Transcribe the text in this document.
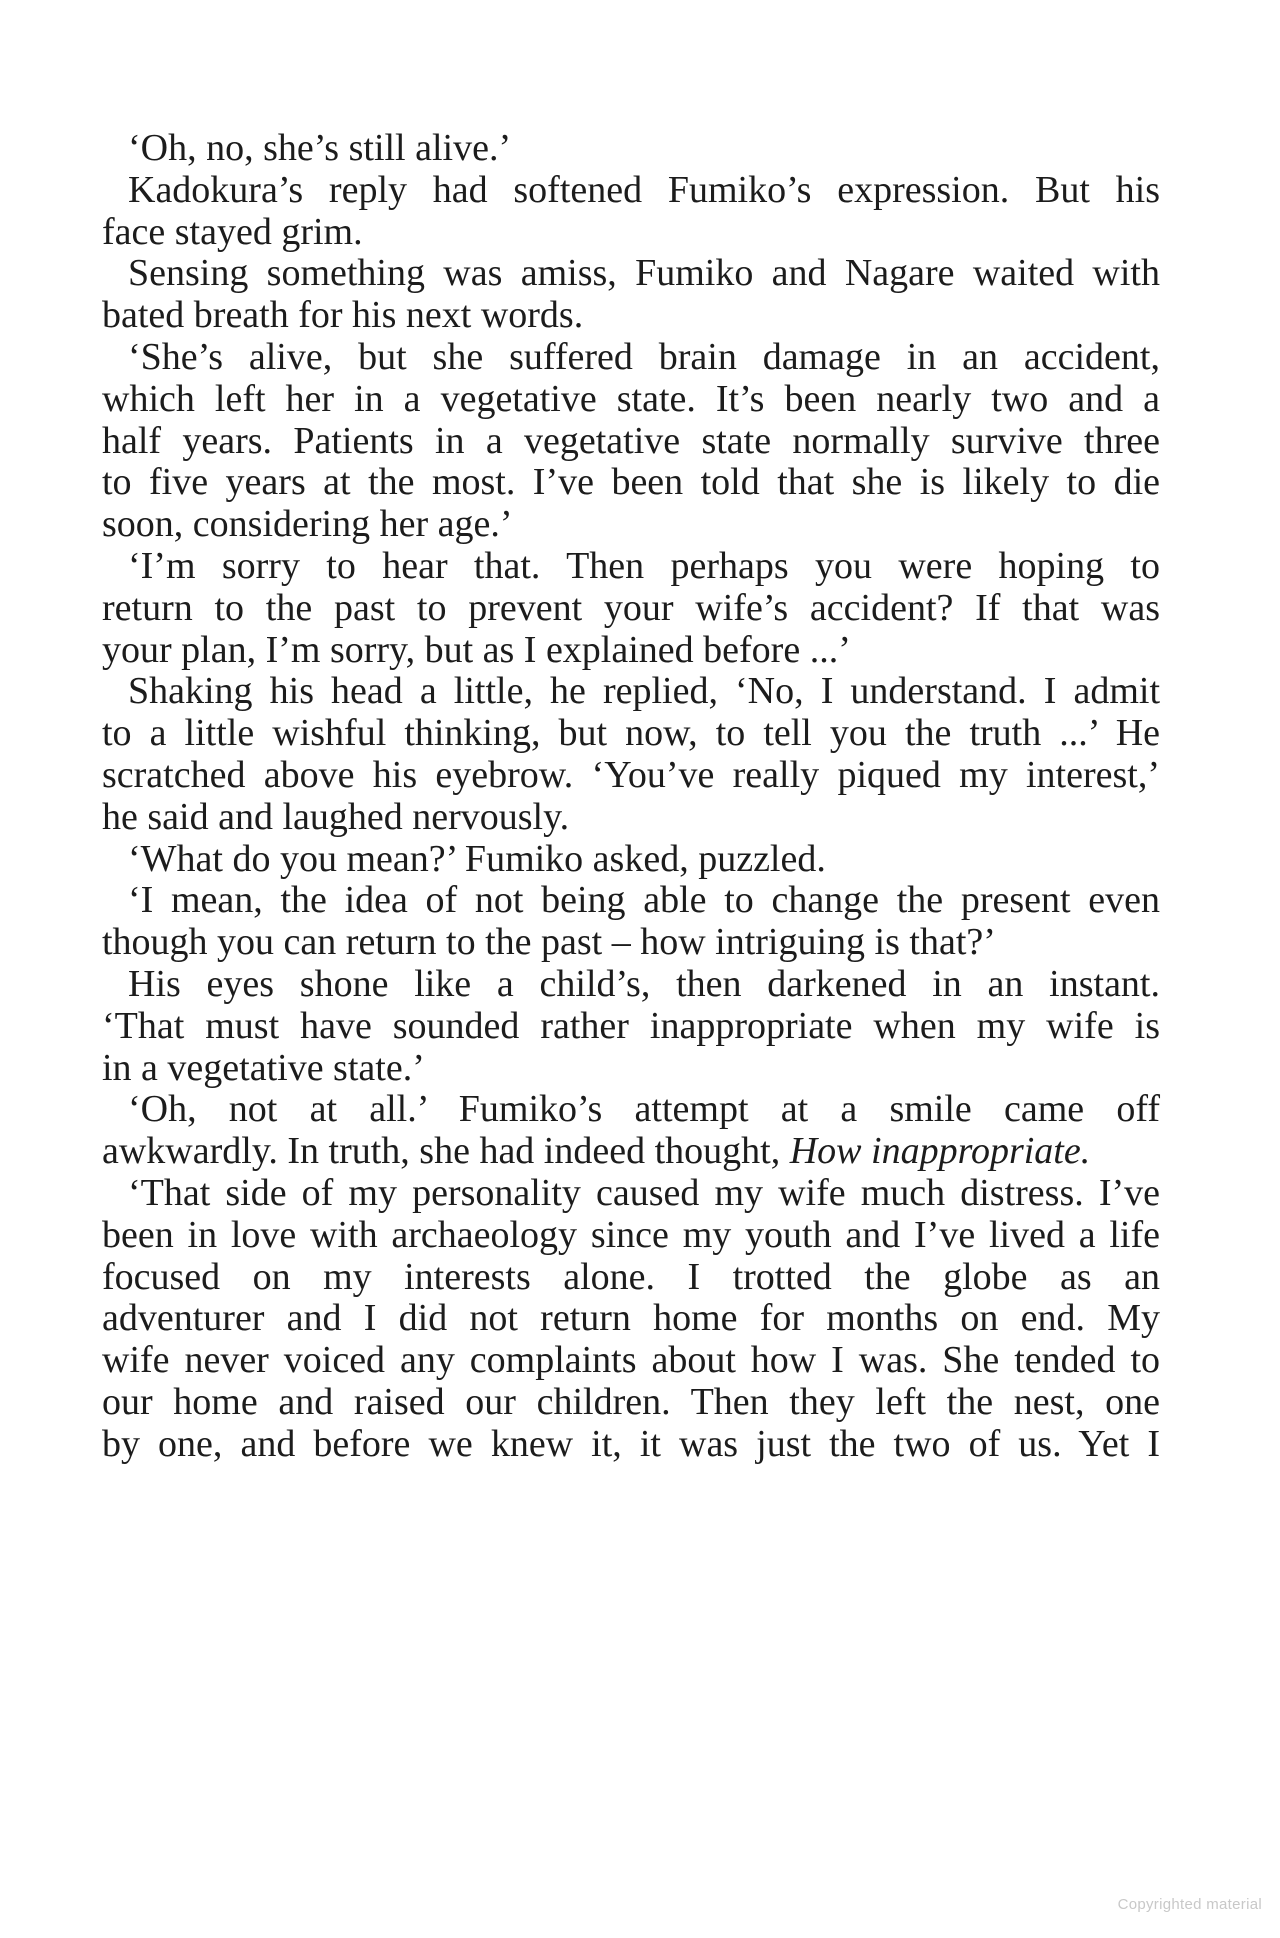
‘Oh, no, she’s still alive.’
Kadokura’s reply had softened Fumiko’s expression. But his
face stayed grim.
Sensing something was amiss, Fumiko and Nagare waited with
bated breath for his next words.
‘She’s alive, but she suffered brain damage in an accident,
which left her in a vegetative state. It’s been nearly two and a
half years. Patients in a vegetative state normally survive three
to five years at the most. I’ve been told that she is likely to die
soon, considering her age.’
‘I’m sorry to hear that. Then perhaps you were hoping to
return to the past to prevent your wife’s accident? If that was
your plan, I’m sorry, but as I explained before ...’
Shaking his head a little, he replied, ‘No, I understand. I admit
to a little wishful thinking, but now, to tell you the truth ...’ He
scratched above his eyebrow. ‘You’ve really piqued my interest,’
he said and laughed nervously.
‘What do you mean?’ Fumiko asked, puzzled.
‘I mean, the idea of not being able to change the present even
though you can return to the past – how intriguing is that?’
His eyes shone like a child’s, then darkened in an instant.
‘That must have sounded rather inappropriate when my wife is
in a vegetative state.’
‘Oh, not at all.’ Fumiko’s attempt at a smile came off
awkwardly. In truth, she had indeed thought, How inappropriate.
‘That side of my personality caused my wife much distress. I’ve
been in love with archaeology since my youth and I’ve lived a life
focused on my interests alone. I trotted the globe as an
adventurer and I did not return home for months on end. My
wife never voiced any complaints about how I was. She tended to
our home and raised our children. Then they left the nest, one
by one, and before we knew it, it was just the two of us. Yet I
Copyrighted material
